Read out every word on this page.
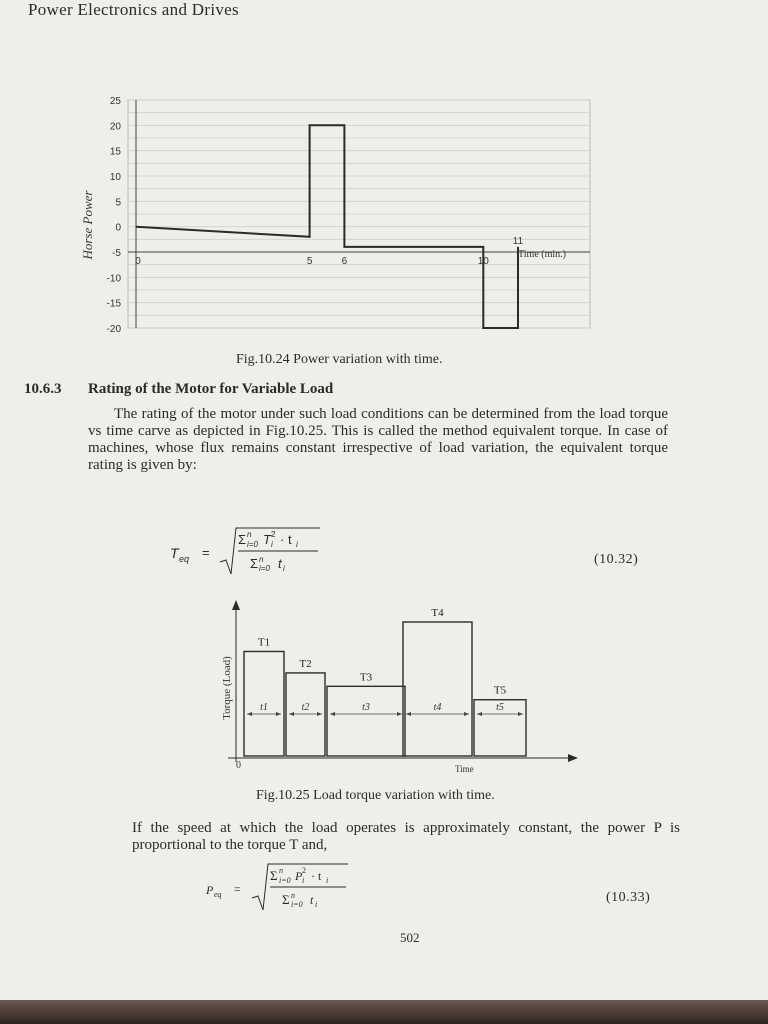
Power Electronics and Drives
25
20
15
10
5
0
-5
-10
-15
-20
0	5	6	10
11
Horse Power	Time (min.)
Fig.10.24 Power variation with time.
10.6.3 Rating of the Motor for Variable Load
The rating of the motor under such load conditions can be determined from the load torque vs time carve as depicted in Fig.10.25. This is called the method equivalent torque. In case of machines, whose flux remains constant irrespective of load variation, the equivalent torque rating is given by:
T eq =
Σ n
i=0 T 2
i · t i
Σ n
i=0 t i
(10.32)
T1
t1
T2
t2
T3
t3
T4
t4
T5
t5
0
Torque (Load)
Time
Fig.10.25 Load torque variation with time.
If the speed at which the load operates is approximately constant, the power P is proportional to the torque T and,
P eq =
Σ n
i=0 P 2
i · t i
Σ n
i=0 t i	(10.33)
502
